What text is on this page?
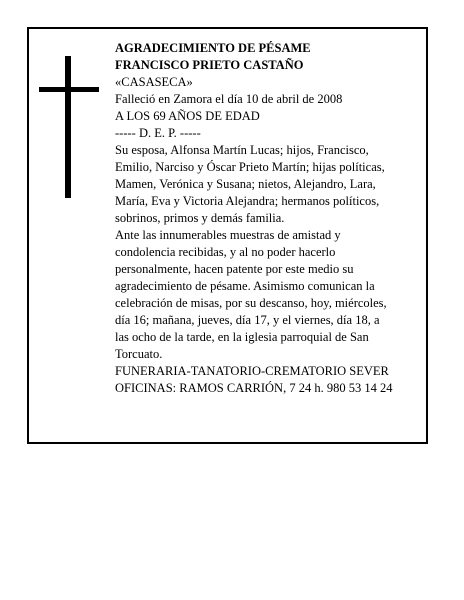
AGRADECIMIENTO DE PÉSAME
FRANCISCO PRIETO CASTAÑO
«CASASECA»
Falleció en Zamora el día 10 de abril de 2008
A LOS 69 AÑOS DE EDAD
----- D. E. P. -----
Su esposa, Alfonsa Martín Lucas; hijos, Francisco,
Emilio, Narciso y Óscar Prieto Martín; hijas políticas,
Mamen, Verónica y Susana; nietos, Alejandro, Lara,
María, Eva y Victoria Alejandra; hermanos políticos,
sobrinos, primos y demás familia.
Ante las innumerables muestras de amistad y
condolencia recibidas, y al no poder hacerlo
personalmente, hacen patente por este medio su
agradecimiento de pésame. Asimismo comunican la
celebración de misas, por su descanso, hoy, miércoles,
día 16; mañana, jueves, día 17, y el viernes, día 18, a
las ocho de la tarde, en la iglesia parroquial de San
Torcuato.
FUNERARIA-TANATORIO-CREMATORIO SEVER
OFICINAS: RAMOS CARRIÓN, 7 24 h. 980 53 14 24
